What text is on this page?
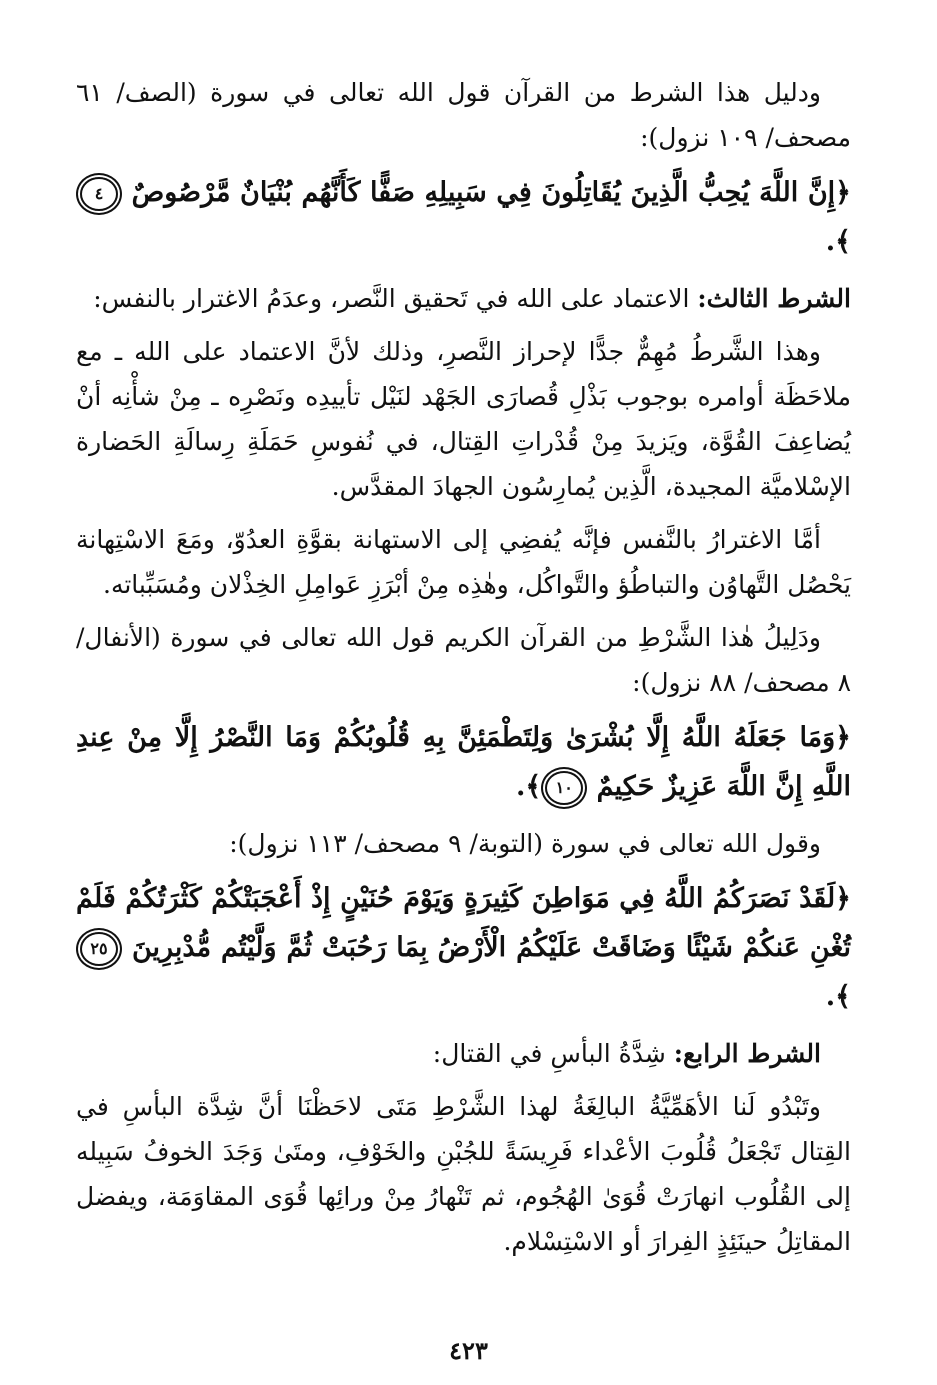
ودليل هذا الشرط من القرآن قول الله تعالى في سورة (الصف/ ٦١ مصحف/ ١٠٩ نزول):

﴿إِنَّ اللَّهَ يُحِبُّ الَّذِينَ يُقَاتِلُونَ فِي سَبِيلِهِ صَفًّا كَأَنَّهُم بُنْيَانٌ مَّرْصُوصٌ ٤﴾.

الشرط الثالث: الاعتماد على الله في تَحقيق النَّصر، وعدَمُ الاغترار بالنفس:

وهذا الشَّرطُ مُهِمٌّ جدًّا لإحراز النَّصرِ، وذلك لأنَّ الاعتماد على الله ـ مع ملاحَظَة أوامره بوجوب بَذْلِ قُصارَى الجَهْد لنَيْل تأييدِه ونَصْرِه ـ مِنْ شأْنِه أنْ يُضاعِفَ القُوَّة، ويَزيدَ مِنْ قُدْراتِ القِتال، في نُفوسِ حَمَلَةِ رِسالَةِ الحَضارة الإسْلاميَّة المجيدة، الَّذِين يُمارِسُون الجهادَ المقدَّس.

أمَّا الاغترارُ بالنَّفس فإنَّه يُفضِي إلى الاستهانة بقوَّةِ العدُوّ، ومَعَ الاسْتِهانة يَحْصُل التَّهاوُن والتباطُؤ والتَّواكُل، وهٰذِه مِنْ أبْرَزِ عَوامِلِ الخِذْلان ومُسَبِّباته.

ودَلِيلُ هٰذا الشَّرْطِ من القرآن الكريم قول الله تعالى في سورة (الأنفال/ ٨ مصحف/ ٨٨ نزول):

﴿وَمَا جَعَلَهُ اللَّهُ إِلَّا بُشْرَىٰ وَلِتَطْمَئِنَّ بِهِ قُلُوبُكُمْ وَمَا النَّصْرُ إِلَّا مِنْ عِندِ اللَّهِ إِنَّ اللَّهَ عَزِيزٌ حَكِيمٌ ١٠﴾.

وقول الله تعالى في سورة (التوبة/ ٩ مصحف/ ١١٣ نزول):

﴿لَقَدْ نَصَرَكُمُ اللَّهُ فِي مَوَاطِنَ كَثِيرَةٍ وَيَوْمَ حُنَيْنٍ إِذْ أَعْجَبَتْكُمْ كَثْرَتُكُمْ فَلَمْ تُغْنِ عَنكُمْ شَيْئًا وَضَاقَتْ عَلَيْكُمُ الْأَرْضُ بِمَا رَحُبَتْ ثُمَّ وَلَّيْتُم مُّدْبِرِينَ ٢٥﴾.

الشرط الرابع: شِدَّةُ البأسِ في القتال:

وتَبْدُو لَنا الأهَمِّيَّةُ البالِغَةُ لهذا الشَّرْطِ مَتَى لاحَظْنَا أنَّ شِدَّة البأسِ في القِتال تَجْعَلُ قُلُوبَ الأعْداء فَرِيسَةً للجُبْنِ والخَوْفِ، ومتَىٰ وَجَدَ الخوفُ سَبِيله إلى القُلُوب انهارَتْ قُوَىٰ الهُجُوم، ثم تَنْهارُ مِنْ ورائِها قُوَى المقاوَمَة، ويفضل المقاتِلُ حينَئِذٍ الفِرارَ أو الاسْتِسْلام.

٤٢٣
